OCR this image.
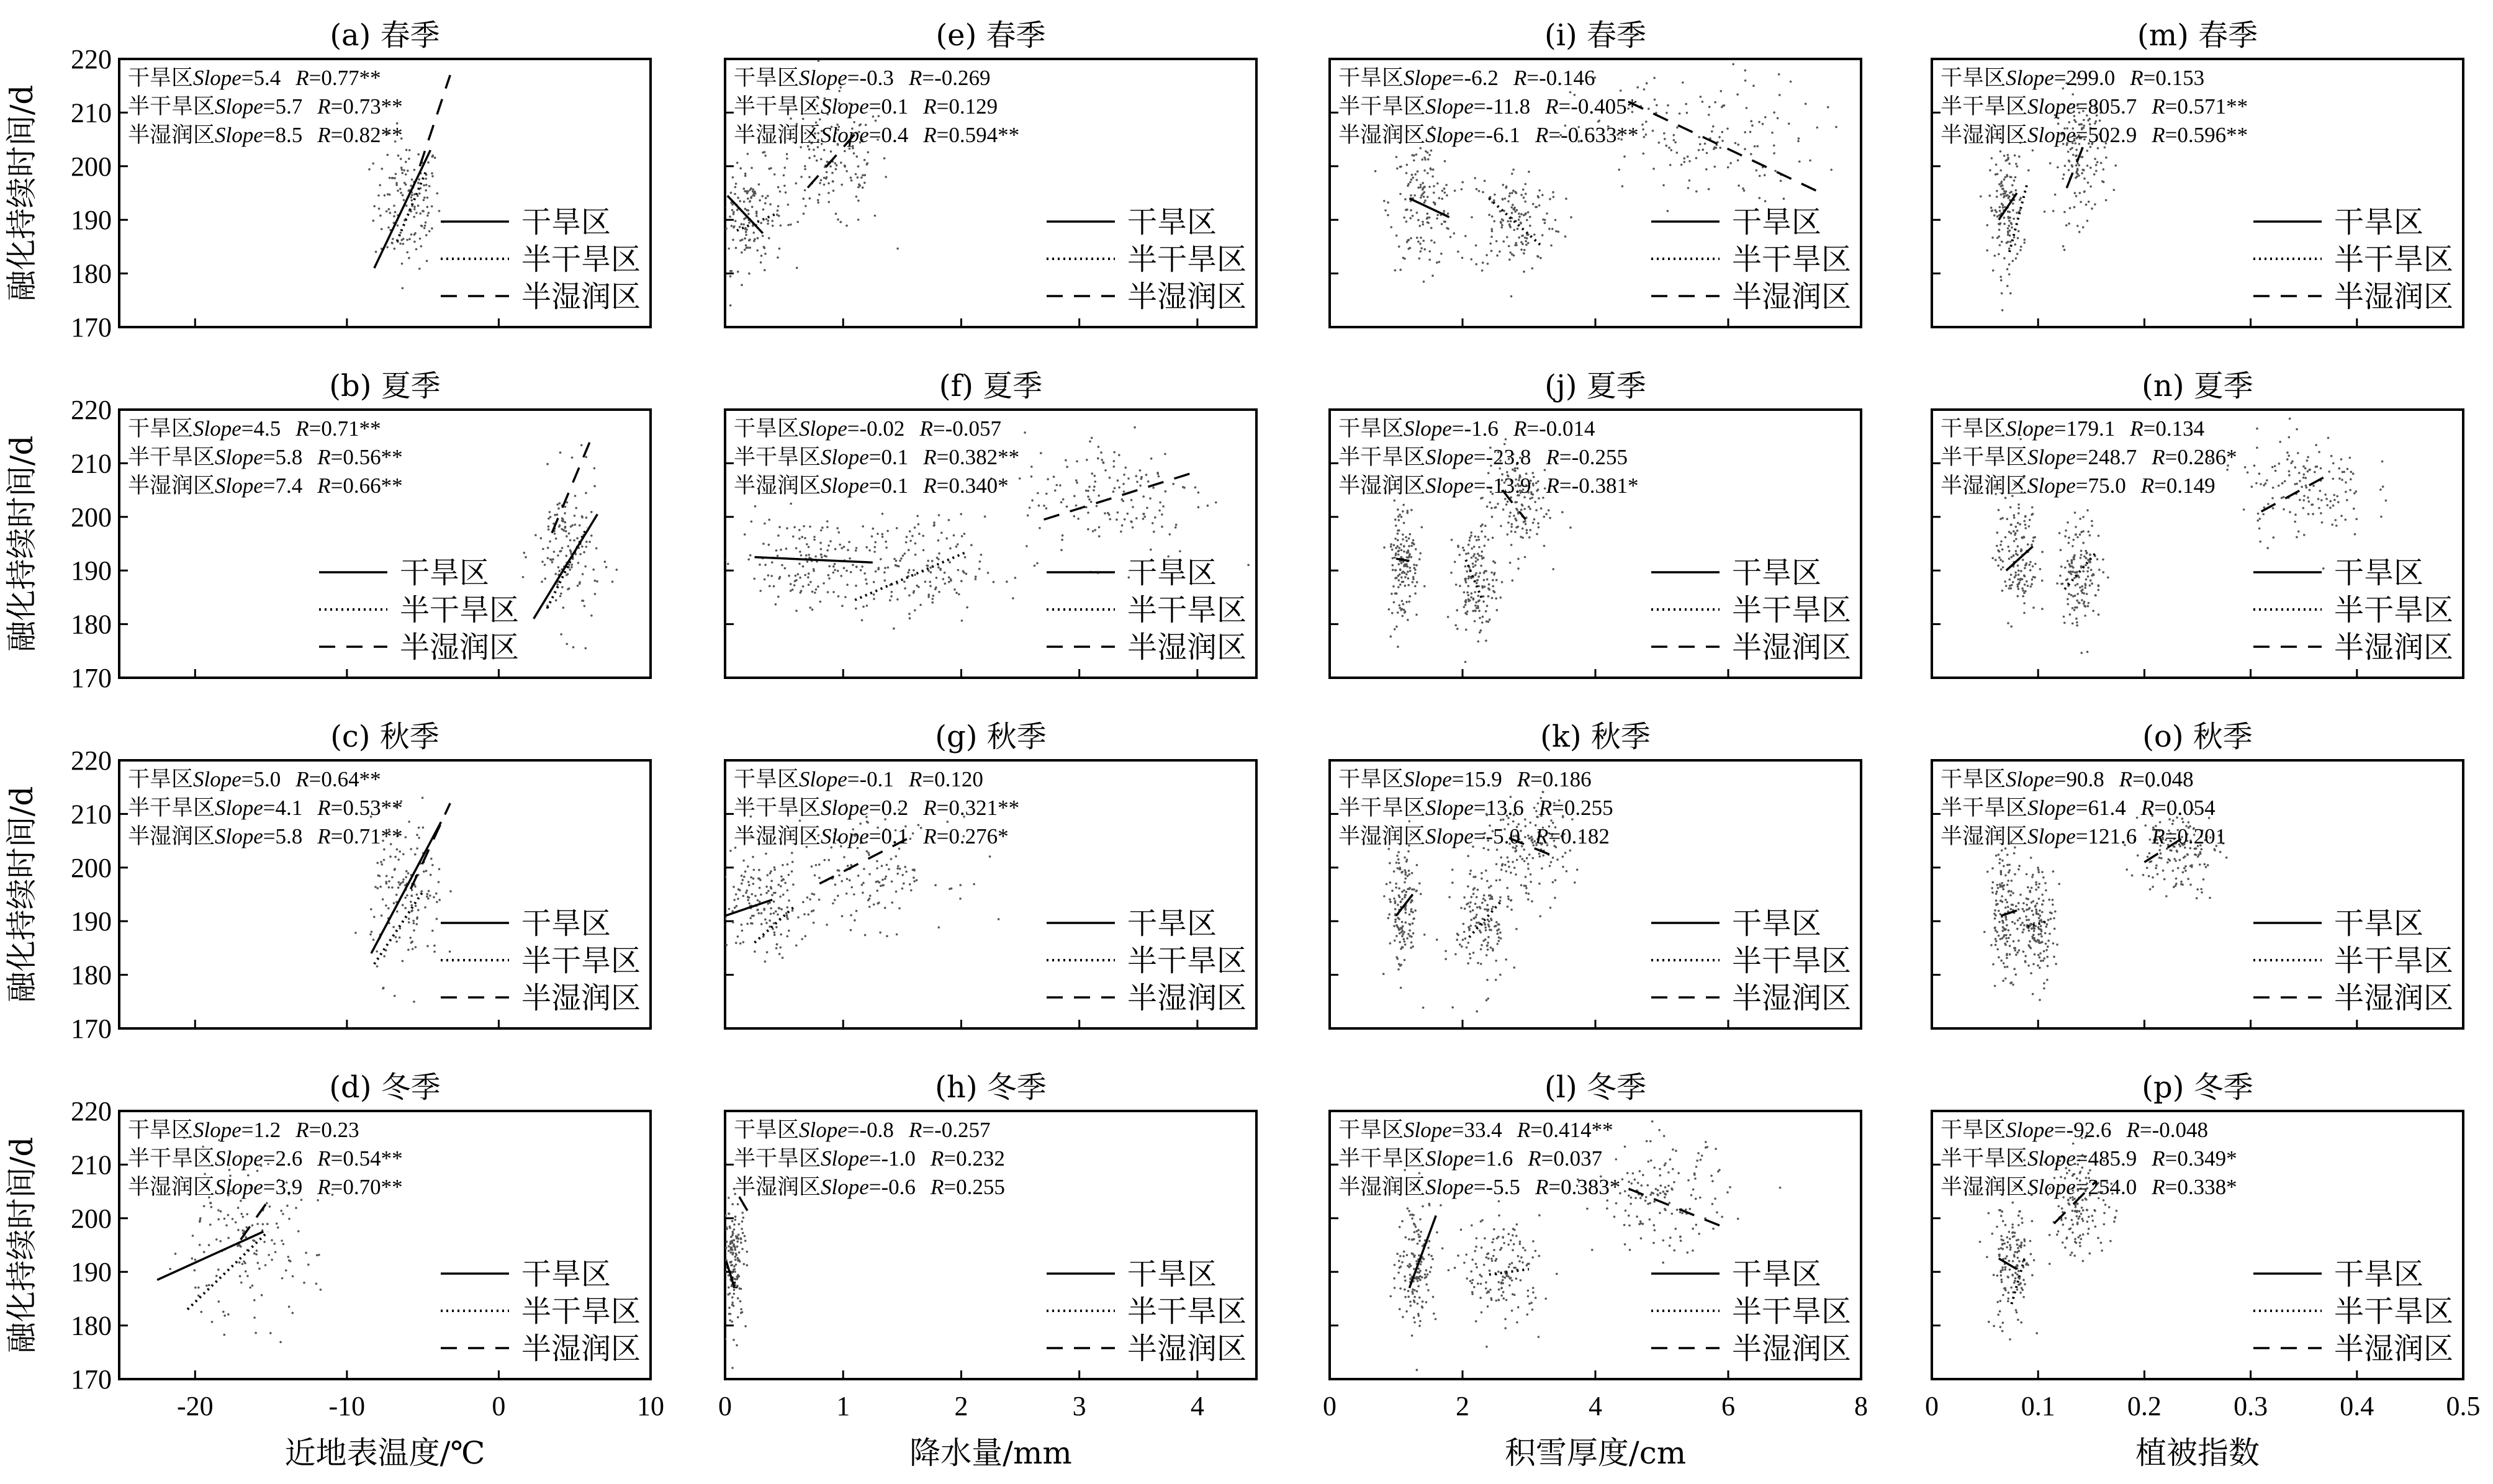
(a) 春季
170
180
190
200
210
220
融化持续时间/d
干旱区Slope=5.4 R=0.77**
半干旱区Slope=5.7 R=0.73**
半湿润区Slope=8.5 R=0.82**
干旱区
半干旱区
半湿润区
(e) 春季
干旱区Slope=-0.3 R=-0.269
半干旱区Slope=0.1 R=0.129
半湿润区Slope=0.4 R=0.594**
干旱区
半干旱区
半湿润区
(i) 春季
干旱区Slope=-6.2 R=-0.146
半干旱区Slope=-11.8 R=-0.405*
半湿润区Slope=-6.1 R=-0.633**
干旱区
半干旱区
半湿润区
(m) 春季
干旱区Slope=299.0 R=0.153
半干旱区Slope=805.7 R=0.571**
半湿润区Slope=502.9 R=0.596**
干旱区
半干旱区
半湿润区
(b) 夏季
170
180
190
200
210
220
融化持续时间/d
干旱区Slope=4.5 R=0.71**
半干旱区Slope=5.8 R=0.56**
半湿润区Slope=7.4 R=0.66**
干旱区
半干旱区
半湿润区
(f) 夏季
干旱区Slope=-0.02 R=-0.057
半干旱区Slope=0.1 R=0.382**
半湿润区Slope=0.1 R=0.340*
干旱区
半干旱区
半湿润区
(j) 夏季
干旱区Slope=-1.6 R=-0.014
半干旱区Slope=-23.8 R=-0.255
半湿润区Slope=-13.9 R=-0.381*
干旱区
半干旱区
半湿润区
(n) 夏季
干旱区Slope=179.1 R=0.134
半干旱区Slope=248.7 R=0.286*
半湿润区Slope=75.0 R=0.149
干旱区
半干旱区
半湿润区
(c) 秋季
170
180
190
200
210
220
融化持续时间/d
干旱区Slope=5.0 R=0.64**
半干旱区Slope=4.1 R=0.53**
半湿润区Slope=5.8 R=0.71**
干旱区
半干旱区
半湿润区
(g) 秋季
干旱区Slope=-0.1 R=0.120
半干旱区Slope=0.2 R=0.321**
半湿润区Slope=0.1 R=0.276*
干旱区
半干旱区
半湿润区
(k) 秋季
干旱区Slope=15.9 R=0.186
半干旱区Slope=13.6 R=0.255
半湿润区Slope=-5.0 R=0.182
干旱区
半干旱区
半湿润区
(o) 秋季
干旱区Slope=90.8 R=0.048
半干旱区Slope=61.4 R=0.054
半湿润区Slope=121.6 R=0.201
干旱区
半干旱区
半湿润区
(d) 冬季
170
180
190
200
210
220
-20	-10	0	10
融化持续时间/d
近地表温度/℃
干旱区Slope=1.2 R=0.23
半干旱区Slope=2.6 R=0.54**
半湿润区Slope=3.9 R=0.70**
干旱区
半干旱区
半湿润区
(h) 冬季
0	1	2	3	4
降水量/mm
干旱区Slope=-0.8 R=-0.257
半干旱区Slope=-1.0 R=0.232
半湿润区Slope=-0.6 R=0.255
干旱区
半干旱区
半湿润区
(l) 冬季
0	2	4	6	8
积雪厚度/cm
干旱区Slope=33.4 R=0.414**
半干旱区Slope=1.6 R=0.037
半湿润区Slope=-5.5 R=0.383*
干旱区
半干旱区
半湿润区
(p) 冬季
0	0.1	0.2	0.3	0.4	0.5
植被指数
干旱区Slope=-92.6 R=-0.048
半干旱区Slope=485.9 R=0.349*
半湿润区Slope=254.0 R=0.338*
干旱区
半干旱区
半湿润区
